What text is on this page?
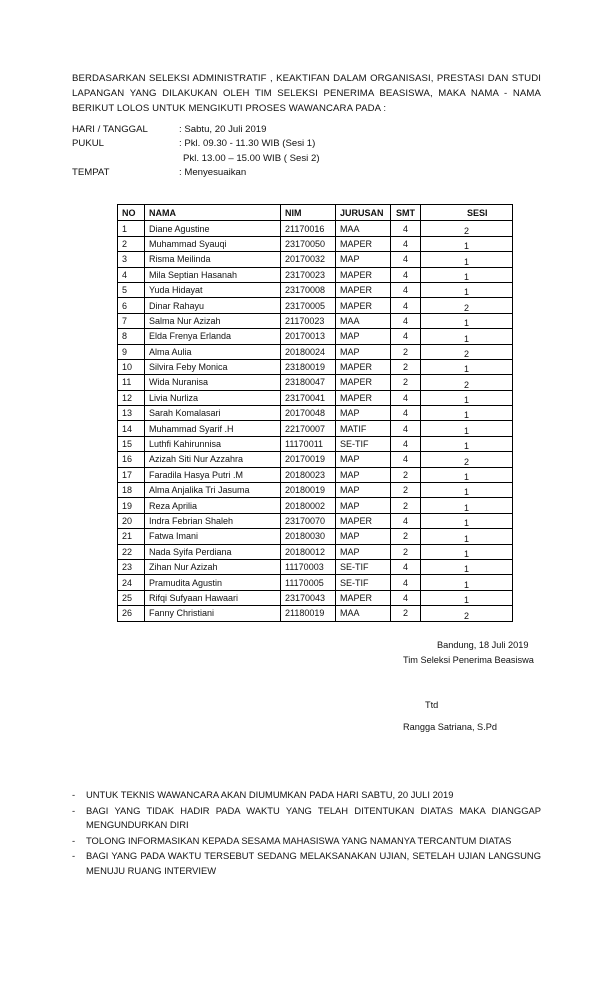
BERDASARKAN SELEKSI ADMINISTRATIF , KEAKTIFAN DALAM ORGANISASI, PRESTASI DAN STUDI LAPANGAN YANG DILAKUKAN OLEH TIM SELEKSI PENERIMA BEASISWA, MAKA NAMA - NAMA BERIKUT LOLOS UNTUK MENGIKUTI PROSES WAWANCARA PADA :
HARI / TANGGAL	: Sabtu, 20 Juli 2019
PUKUL	: Pkl. 09.30 - 11.30 WIB (Sesi 1)
Pkl. 13.00 – 15.00 WIB ( Sesi 2)
TEMPAT	: Menyesuaikan
NO	NAMA	NIM	JURUSAN	SMT	SESI
1	Diane Agustine	21170016	MAA	4	2
2	Muhammad Syauqi	23170050	MAPER	4	1
3	Risma Meilinda	20170032	MAP	4	1
4	Mila Septian Hasanah	23170023	MAPER	4	1
5	Yuda Hidayat	23170008	MAPER	4	1
6	Dinar Rahayu	23170005	MAPER	4	2
7	Salma Nur Azizah	21170023	MAA	4	1
8	Elda Frenya Erlanda	20170013	MAP	4	1
9	Alma Aulia	20180024	MAP	2	2
10	Silvira Feby Monica	23180019	MAPER	2	1
11	Wida Nuranisa	23180047	MAPER	2	2
12	Livia Nurliza	23170041	MAPER	4	1
13	Sarah Komalasari	20170048	MAP	4	1
14	Muhammad Syarif .H	22170007	MATIF	4	1
15	Luthfi Kahirunnisa	11170011	SE-TIF	4	1
16	Azizah Siti Nur Azzahra	20170019	MAP	4	2
17	Faradila Hasya Putri .M	20180023	MAP	2	1
18	Alma Anjalika Tri Jasuma	20180019	MAP	2	1
19	Reza Aprilia	20180002	MAP	2	1
20	Indra Febrian Shaleh	23170070	MAPER	4	1
21	Fatwa Imani	20180030	MAP	2	1
22	Nada Syifa Perdiana	20180012	MAP	2	1
23	Zihan Nur Azizah	11170003	SE-TIF	4	1
24	Pramudita Agustin	11170005	SE-TIF	4	1
25	Rifqi Sufyaan Hawaari	23170043	MAPER	4	1
26	Fanny Christiani	21180019	MAA	2	2
Bandung, 18 Juli 2019
Tim Seleksi Penerima Beasiswa
Ttd
Rangga Satriana, S.Pd
- UNTUK TEKNIS WAWANCARA AKAN DIUMUMKAN PADA HARI SABTU, 20 JULI 2019
- BAGI YANG TIDAK HADIR PADA WAKTU YANG TELAH DITENTUKAN DIATAS MAKA DIANGGAP MENGUNDURKAN DIRI
- TOLONG INFORMASIKAN KEPADA SESAMA MAHASISWA YANG NAMANYA TERCANTUM DIATAS
- BAGI YANG PADA WAKTU TERSEBUT SEDANG MELAKSANAKAN UJIAN, SETELAH UJIAN LANGSUNG MENUJU RUANG INTERVIEW
